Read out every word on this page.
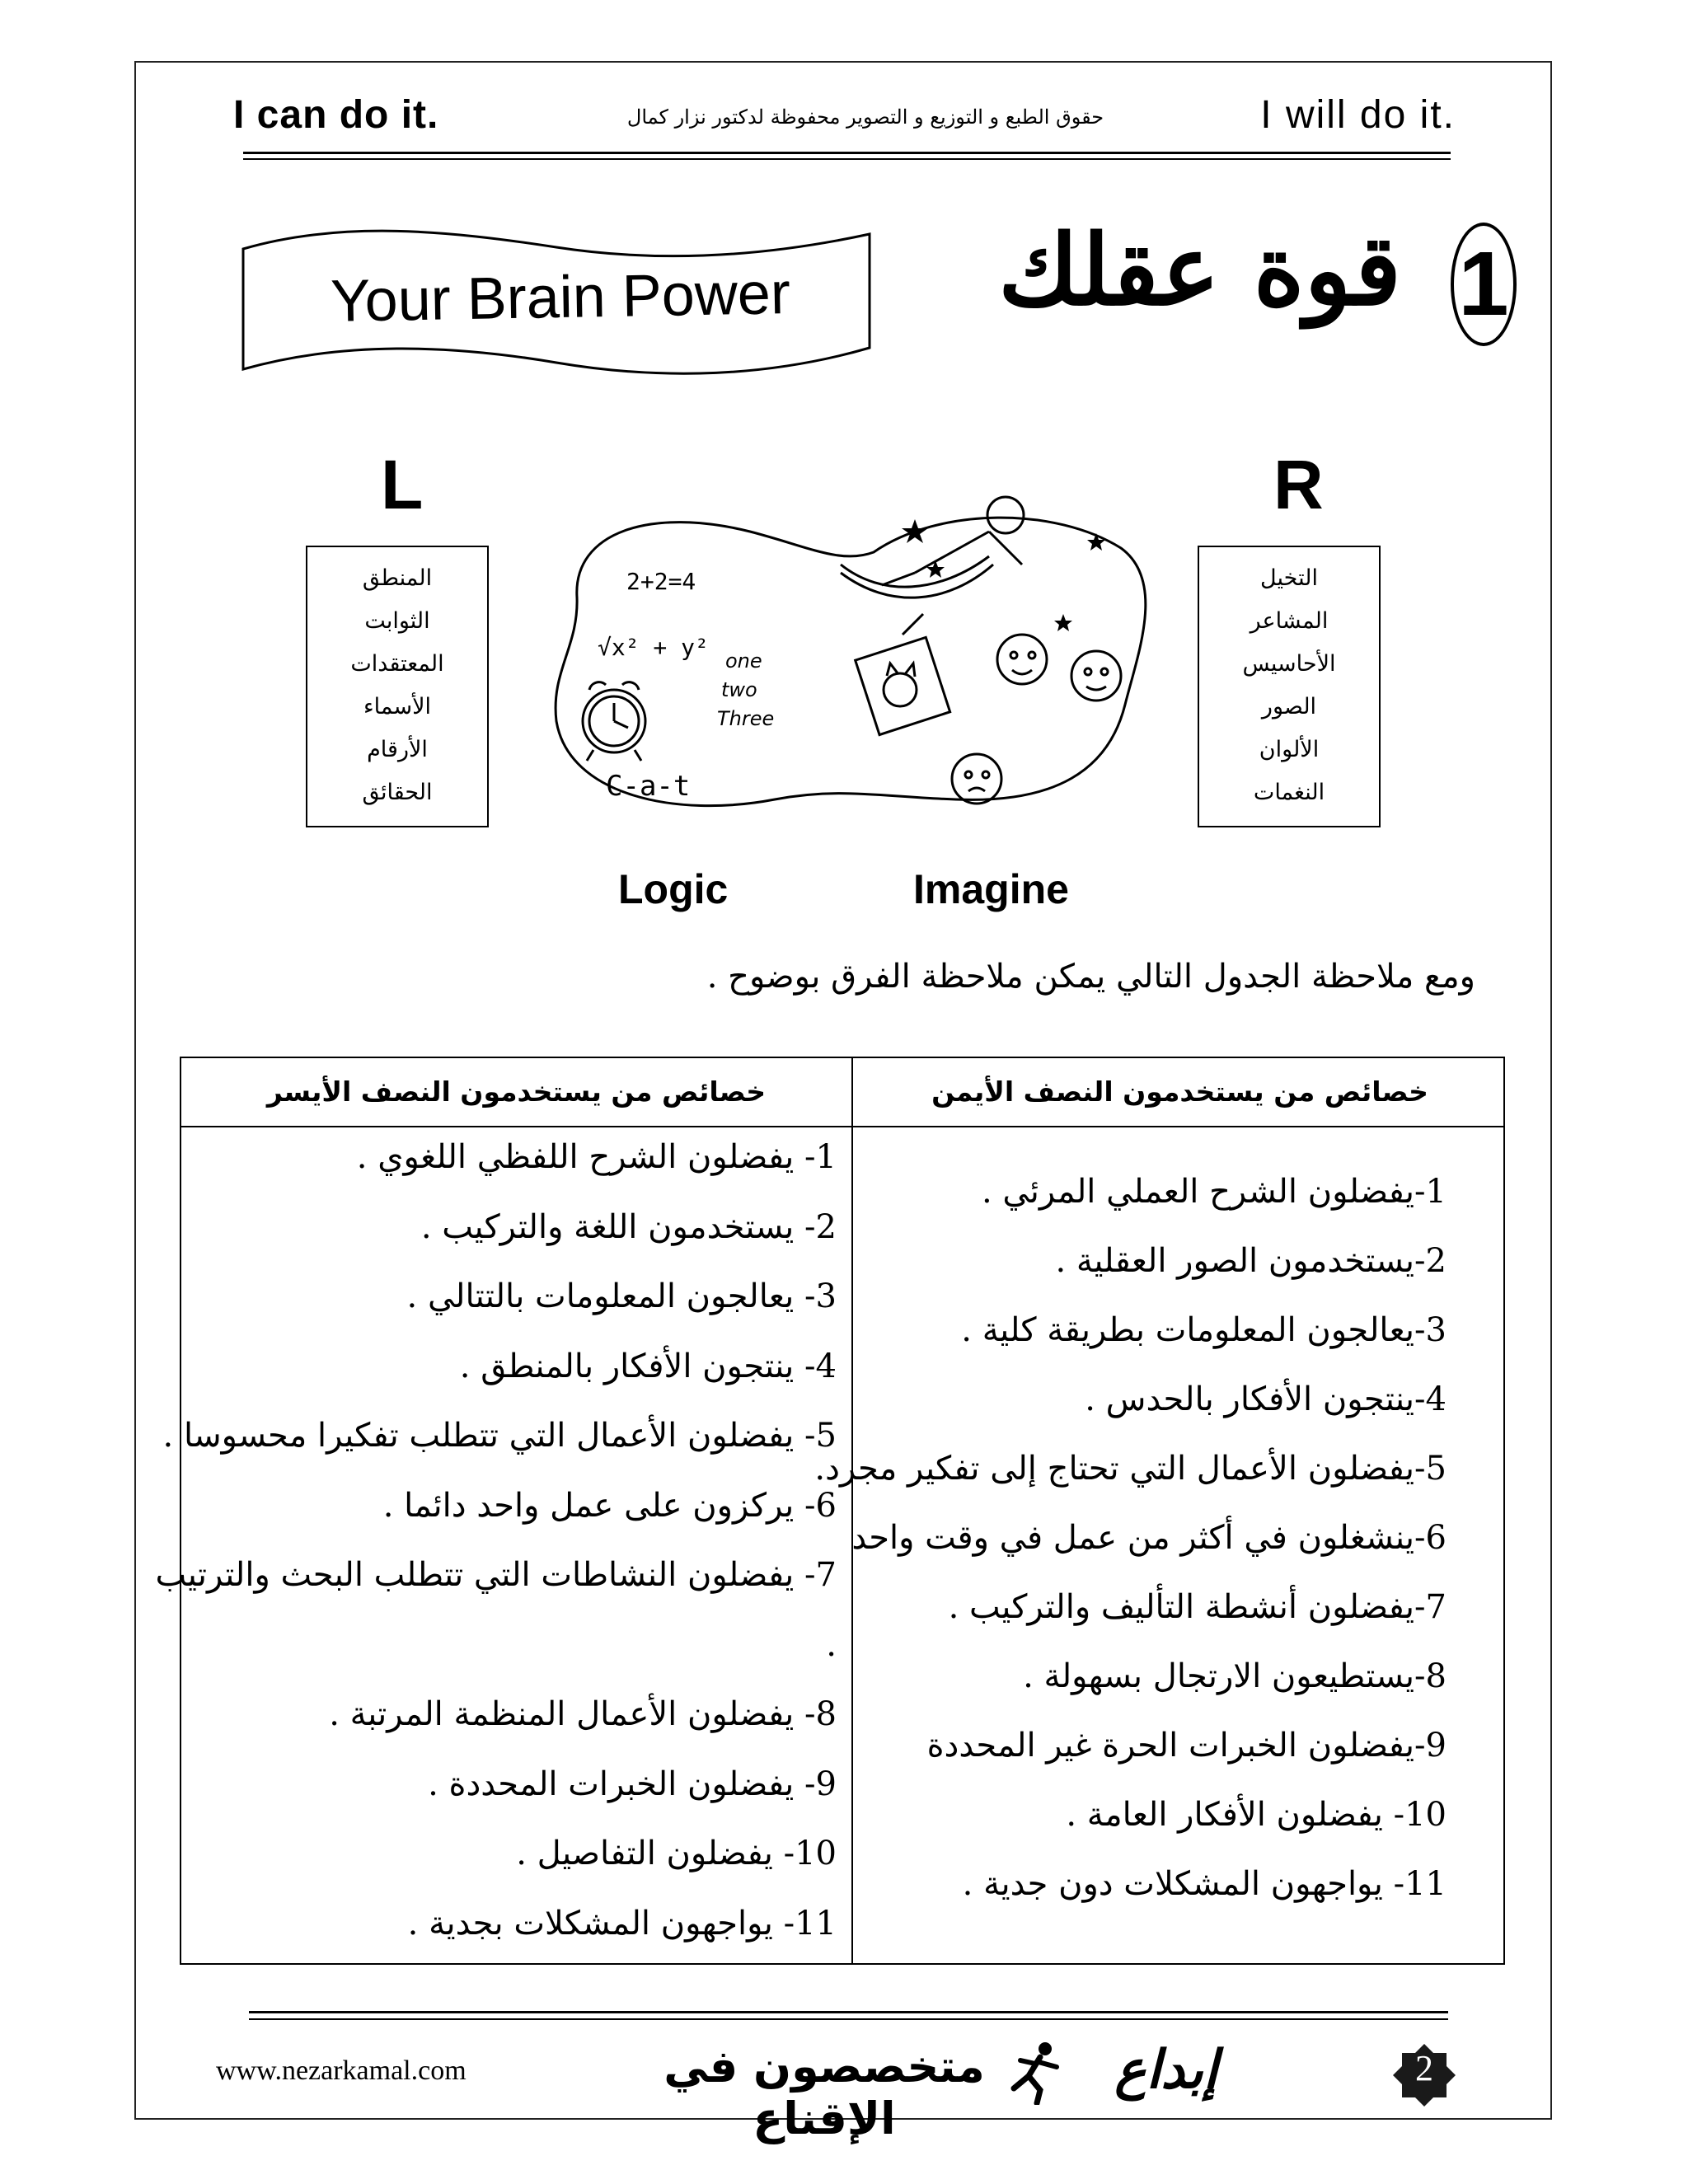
I can do it.	حقوق الطبع و التوزيع و التصوير محفوظة لدكتور نزار كمال	I will do it.
Your Brain Power	قوة عقلك 1
L	R
المنطق
الثوابت
المعتقدات
الأسماء
الأرقام
الحقائق
التخيل
المشاعر
الأحاسيس
الصور
الألوان
النغمات
2+2=4
√x² + y² one
two
Three
C-a-t
Logic	Imagine
ومع ملاحظة الجدول التالي يمكن ملاحظة الفرق بوضوح .
خصائص من يستخدمون النصف الأيمن
خصائص من يستخدمون النصف الأيسر
1-يفضلون الشرح العملي المرئي .
2-يستخدمون الصور العقلية .
3-يعالجون المعلومات بطريقة كلية .
4-ينتجون الأفكار بالحدس .
5-يفضلون الأعمال التي تحتاج إلى تفكير مجرد.
6-ينشغلون في أكثر من عمل في وقت واحد
7-يفضلون أنشطة التأليف والتركيب .
8-يستطيعون الارتجال بسهولة .
9-يفضلون الخبرات الحرة غير المحددة
10- يفضلون الأفكار العامة .
11- يواجهون المشكلات دون جدية .
1- يفضلون الشرح اللفظي اللغوي .
2- يستخدمون اللغة والتركيب .
3- يعالجون المعلومات بالتتالي .
4- ينتجون الأفكار بالمنطق .
5- يفضلون الأعمال التي تتطلب تفكيرا محسوسا .
6- يركزون على عمل واحد دائما .
7- يفضلون النشاطات التي تتطلب البحث والترتيب
.
8- يفضلون الأعمال المنظمة المرتبة .
9- يفضلون الخبرات المحددة .
10- يفضلون التفاصيل .
11- يواجهون المشكلات بجدية .
www.nezarkamal.com	متخصصون في الإقناع
إبداع	2
